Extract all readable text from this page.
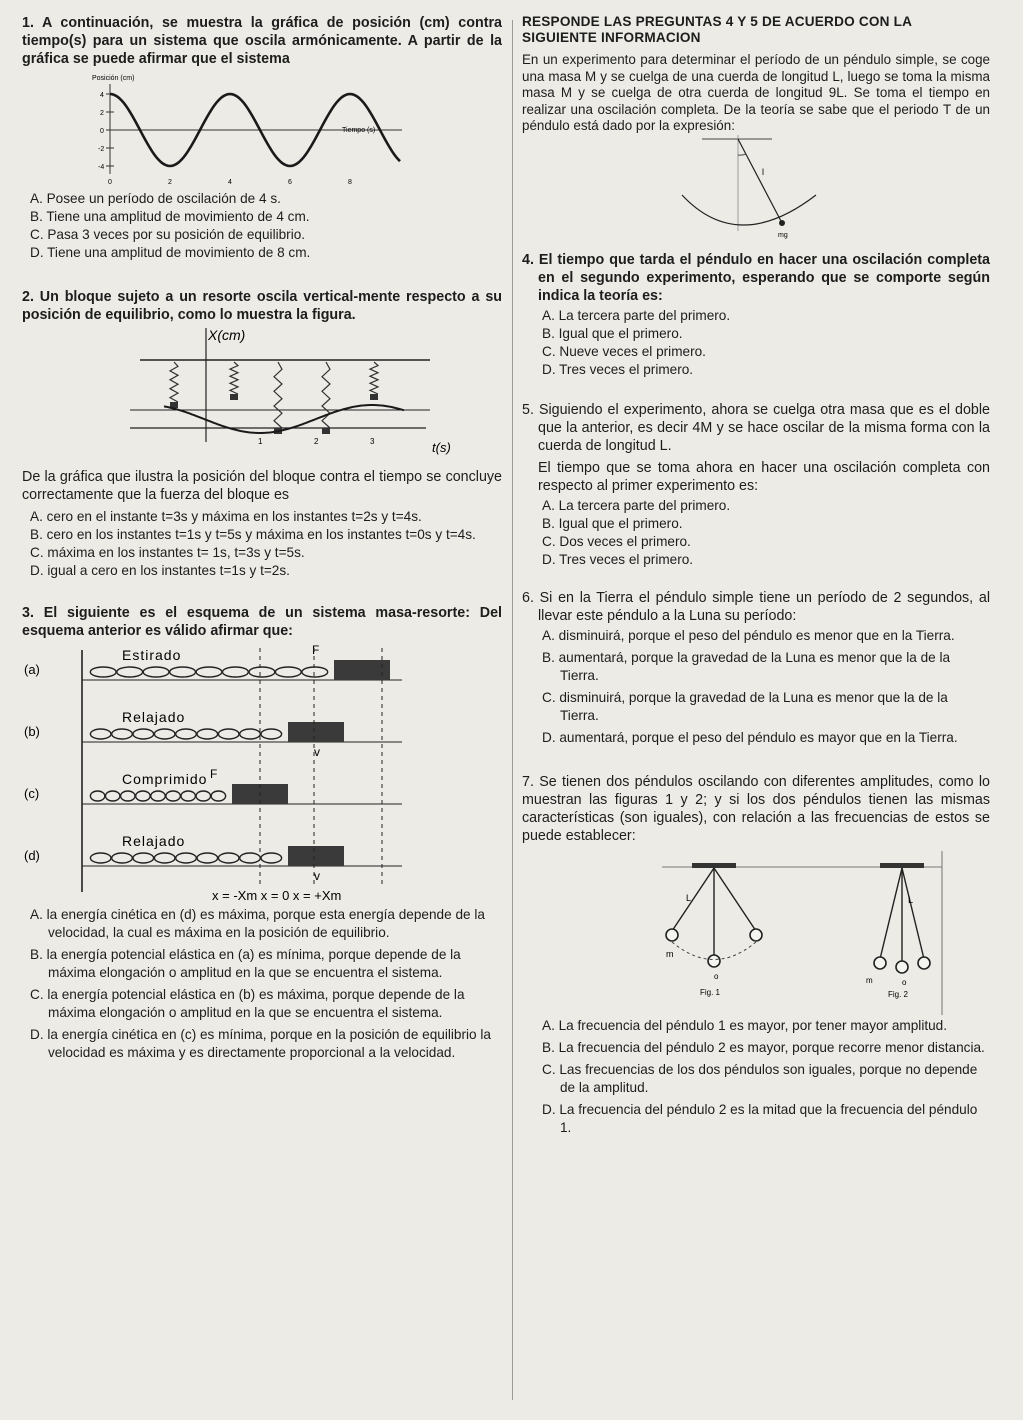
1. A continuación, se muestra la gráfica de posición (cm) contra tiempo(s) para un sistema que oscila armónicamente. A partir de la gráfica se puede afirmar que el sistema

Posición (cm)
4
2
0
-2
-4
Tiempo (s)
0	2	4	6	8

A. Posee un período de oscilación de 4 s.

B. Tiene una amplitud de movimiento de 4 cm.

C. Pasa 3 veces por su posición de equilibrio.

D. Tiene una amplitud de movimiento de 8 cm.

2. Un bloque sujeto a un resorte oscila vertical-mente respecto a su posición de equilibrio, como lo muestra la figura.

X(cm)
t(s)
1	2	3

De la gráfica que ilustra la posición del bloque contra el tiempo se concluye correctamente que la fuerza del bloque es

A. cero en el instante t=3s y máxima en los instantes t=2s y t=4s.

B. cero en los instantes t=1s y t=5s y máxima en los instantes t=0s y t=4s.

C. máxima en los instantes t= 1s, t=3s y t=5s.

D. igual a cero en los instantes t=1s y t=2s.

3. El siguiente es el esquema de un sistema masa-resorte: Del esquema anterior es válido afirmar que:

(a)
Estirado	F
(b)
Relajado
v
(c)
Comprimido F
(d)
Relajado
v
x = -Xm x = 0 x = +Xm

A. la energía cinética en (d) es máxima, porque esta energía depende de la velocidad, la cual es máxima en la posición de equilibrio.

B. la energía potencial elástica en (a) es mínima, porque depende de la máxima elongación o amplitud en la que se encuentra el sistema.

C. la energía potencial elástica en (b) es máxima, porque depende de la máxima elongación o amplitud en la que se encuentra el sistema.

D. la energía cinética en (c) es mínima, porque en la posición de equilibrio la velocidad es máxima y es directamente proporcional a la velocidad.

RESPONDE LAS PREGUNTAS 4 Y 5 DE ACUERDO CON LA

SIGUIENTE INFORMACION

En un experimento para determinar el período de un péndulo simple, se coge una masa M y se cuelga de una cuerda de longitud L, luego se toma la misma masa M y se cuelga de otra cuerda de longitud 9L. Se toma el tiempo en realizar una oscilación completa. De la teoría se sabe que el periodo T de un péndulo está dado por la expresión:

l
mg

4. El tiempo que tarda el péndulo en hacer una oscilación completa en el segundo experimento, esperando que se comporte según indica la teoría es:

A. La tercera parte del primero.

B. Igual que el primero.

C. Nueve veces el primero.

D. Tres veces el primero.

5. Siguiendo el experimento, ahora se cuelga otra masa que es el doble que la anterior, es decir 4M y se hace oscilar de la misma forma con la cuerda de longitud L.

El tiempo que se toma ahora en hacer una oscilación completa con respecto al primer experimento es:

A. La tercera parte del primero.

B. Igual que el primero.

C. Dos veces el primero.

D. Tres veces el primero.

6. Si en la Tierra el péndulo simple tiene un período de 2 segundos, al llevar este péndulo a la Luna su período:

A. disminuirá, porque el peso del péndulo es menor que en la Tierra.

B. aumentará, porque la gravedad de la Luna es menor que la de la Tierra.

C. disminuirá, porque la gravedad de la Luna es menor que la de la Tierra.

D. aumentará, porque el peso del péndulo es mayor que en la Tierra.

7. Se tienen dos péndulos oscilando con diferentes amplitudes, como lo muestran las figuras 1 y 2; y si los dos péndulos tienen las mismas características (son iguales), con relación a las frecuencias de estos se puede establecer:

L
m
o
Fig. 1
L
m	o
Fig. 2

A. La frecuencia del péndulo 1 es mayor, por tener mayor amplitud.

B. La frecuencia del péndulo 2 es mayor, porque recorre menor distancia.

C. Las frecuencias de los dos péndulos son iguales, porque no depende de la amplitud.

D. La frecuencia del péndulo 2 es la mitad que la frecuencia del péndulo 1.
